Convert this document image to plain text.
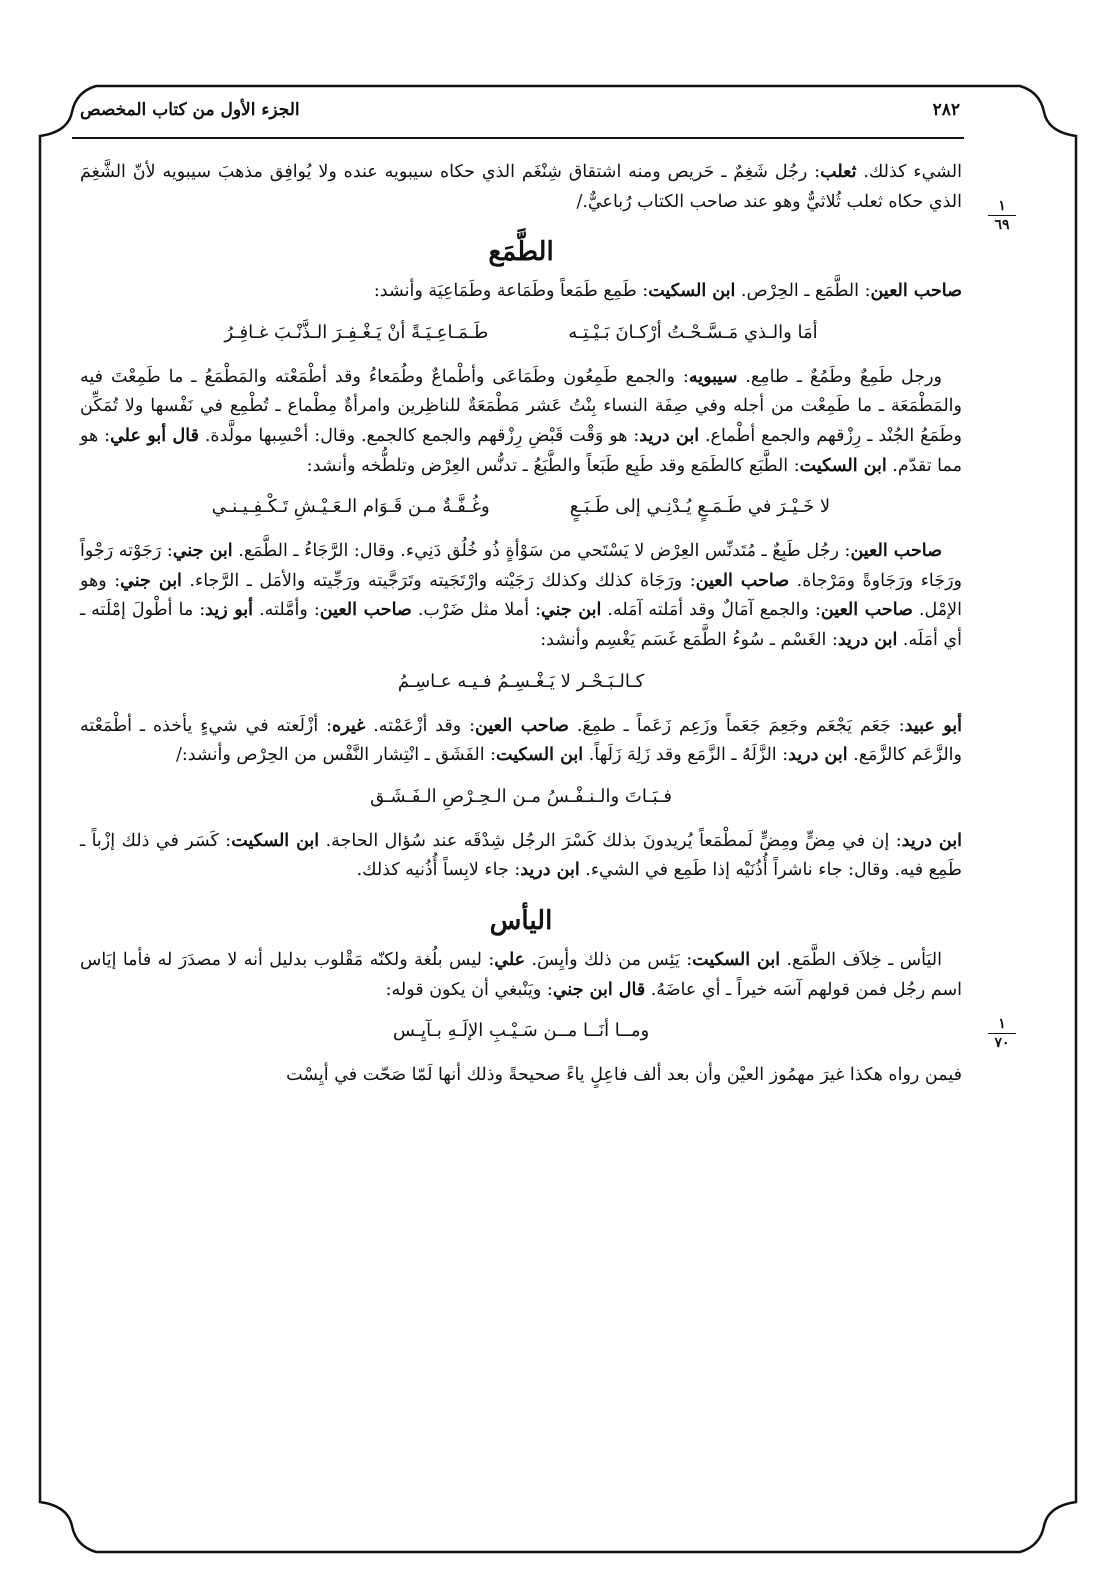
٢٨٢
الجزء الأول من كتاب المخصص
١
٦٩
١
٧٠

الشيء كذلك. ثعلب: رجُل شَغِمٌ ـ حَريص ومنه اشتقاق شِنْغَم الذي حكاه سيبويه عنده ولا يُوافِق مذهبَ سيبويه لأنّ الشَّغِمَ الذي حكاه ثعلب ثُلاثيٌّ وهو عند صاحب الكتاب رُباعيٌّ./

الطَّمَع

صاحب العين: الطَّمَع ـ الحِرْص. ابن السكيت: طَمِع طَمَعاً وطَمَاعة وطَمَاعِيَة وأنشد:

أمَا والـذي مَـسَّـحْـتُ أرْكـانَ بَـيْـتِـه
طَـمَـاعِـيَـةً أنْ يَـغْـفِـرَ الـذَّنْـبَ غـافِـرُ

ورجل طَمِعٌ وطَمُعٌ ـ طامِع. سيبويه: والجمع طَمِعُون وطَمَاعَى وأطْماعٌ وطُمَعاءُ وقد أطْمَعْته والمَطْمَعُ ـ ما طَمِعْتَ فيه والمَطْمَعَة ـ ما طَمِعْت من أجله وفي صِفَة النساء بِنْتُ عَشر مَطْمَعَةٌ للناظِرين وامرأةٌ مِطْماع ـ تُطْمِع في نَفْسها ولا تُمَكِّن وطَمَعُ الجُنْد ـ رِزْقهم والجمع أطْماع. ابن دريد: هو وَقْت قَبْضِ رِزْقهم والجمع كالجمع. وقال: أحْسِبها مولَّدة. قال أبو علي: هو مما تقدّم. ابن السكيت: الطَّبَع كالطَمَع وقد طَبِع طَبَعاً والطَّبَعُ ـ تدنُّس العِرْض وتلطُّخه وأنشد:

لا خَـيْـرَ في طَـمَـعٍ يُـدْنِـي إلى طَـبَـعٍ
وغُـفَّـةٌ مـن قَـوَام الـعَـيْـشِ تَـكْـفِـيـنـي

صاحب العين: رجُل طَبِعٌ ـ مُتَدنِّس العِرْض لا يَسْتَحي من سَوْأةٍ ذُو خُلُق دَنِيء. وقال: الرَّجَاءُ ـ الطَّمَع. ابن جني: رَجَوْته رَجْواً ورَجَاء ورَجَاوةً ومَرْجاة. صاحب العين: ورَجَاة كذلك وكذلك رَجَيْته وارْتَجَيته وتَرَجَّيته ورَجِّيته والأمَل ـ الرَّجاء. ابن جني: وهو الإمْل. صاحب العين: والجمع آمَالٌ وقد أمَلته آمَله. ابن جني: أملا مثل ضَرْب. صاحب العين: وأمَّلته. أبو زيد: ما أطْولَ إمْلَته ـ أي أمَلَه. ابن دريد: الغَسْم ـ سُوءُ الطَّمَع غَسَم يَغْسِم وأنشد:

كـالـبَـحْـر لا يَـغْـسِـمُ فـيـه عـاسِـمُ

أبو عبيد: جَعَم يَجْعَم وجَعِمَ جَعَماً وزَعِم زَعَماً ـ طمِعَ. صاحب العين: وقد أزْعَمْته. غيره: أزْلَعته في شيءٍ يأخذه ـ أطْمَعْته والزَّعَم كالزَّمَع. ابن دريد: الزَّلَهُ ـ الزَّمَع وقد زَلِهَ زَلَهاً. ابن السكيت: الفَشَق ـ انْتِشار النَّفْس من الحِرْص وأنشد:/

فـبَـاتَ والـنـفْـسُ مـن الـحِـرْصِ الـفَـشَـق

ابن دريد: إن في مِضٍّ ومِضٍّ لَمطْمَعاً يُريدونَ بذلك كَسْرَ الرجُل شِدْقَه عند سُؤال الحاجة. ابن السكيت: كَسَر في ذلك إزْباً ـ طَمِع فيه. وقال: جاء ناشراً أُذُنَيْه إذا طَمِع في الشيء. ابن دريد: جاء لابِساً أُذُنيه كذلك.

اليأس

اليَأس ـ خِلاَف الطَّمَع. ابن السكيت: يَئِس من ذلك وأيِسَ. علي: ليس بلُغة ولكنّه مَقْلوب بدليل أنه لا مصدَرَ له فأما إيَاس اسم رجُل فمن قولهم آسَه خيراً ـ أي عاضَهُ. قال ابن جني: ويَنْبغي أن يكون قوله:

ومــا أنَــا مــن سَـيْـبِ الإلَـهِ بـآيِـس

فيمن رواه هكذا غيرَ مهمُوز العيْن وأن بعد ألف فاعِلٍ ياءً صحيحةً وذلك أنها لَمّا صَحّت في أيِسْت
